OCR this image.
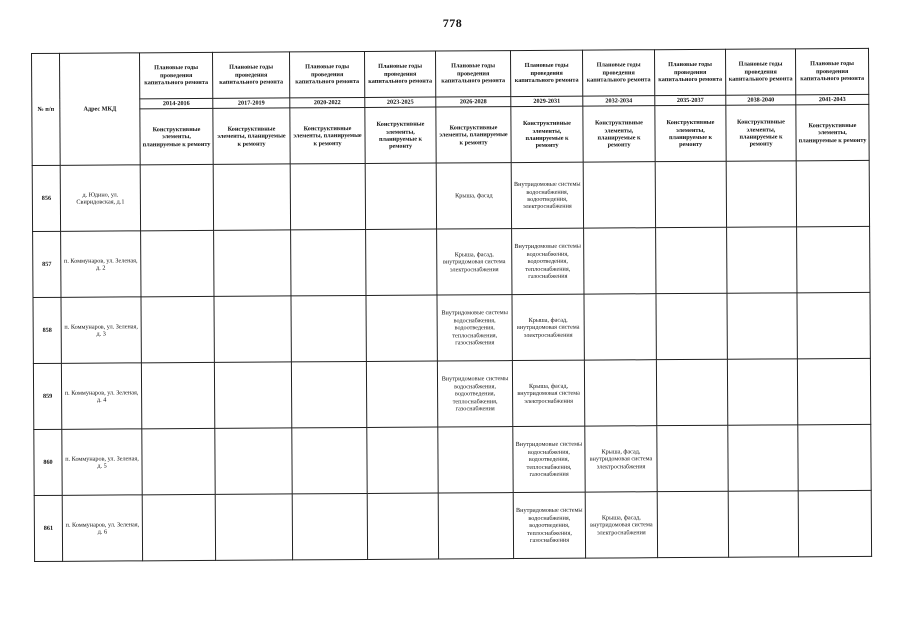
778
№ п/п	Адрес МКД	Плановые годы проведения капитального ремонта	Плановые годы проведения капитального ремонта	Плановые годы проведения капитального ремонта	Плановые годы проведения капитального ремонта	Плановые годы проведения капитального ремонта	Плановые годы проведения капитального ремонта	Плановые годы проведения капитального ремонта	Плановые годы проведения капитального ремонта	Плановые годы проведения капитального ремонта	Плановые годы проведения капитального ремонта
		2014-2016	2017-2019	2020-2022	2023-2025	2026-2028	2029-2031	2032-2034	2035-2037	2038-2040	2041-2043
		Конструктивные элементы, планируемые к ремонту	Конструктивные элементы, планируемые к ремонту	Конструктивные элементы, планируемые к ремонту	Конструктивные элементы, планируемые к ремонту	Конструктивные элементы, планируемые к ремонту	Конструктивные элементы, планируемые к ремонту	Конструктивные элементы, планируемые к ремонту	Конструктивные элементы, планируемые к ремонту	Конструктивные элементы, планируемые к ремонту	Конструктивные элементы, планируемые к ремонту
856	д. Юдино, ул. Свиридовская, д.1					Крыша, фасад	Внутридомовые системы водоснабжения, водоотведения, электроснабжения				
857	п. Коммунаров, ул. Зеленая, д. 2					Крыша, фасад, внутридомовая система электроснабжения	Внутридомовые системы водоснабжения, водоотведения, теплоснабжения, газоснабжения				
858	п. Коммунаров, ул. Зеленая, д. 3					Внутридомовые системы водоснабжения, водоотведения, теплоснабжения, газоснабжения	Крыша, фасад, внутридомовая система электроснабжения				
859	п. Коммунаров, ул. Зеленая, д. 4					Внутридомовые системы водоснабжения, водоотведения, теплоснабжения, газоснабжения	Крыша, фасад, внутридомовая система электроснабжения				
860	п. Коммунаров, ул. Зеленая, д. 5						Внутридомовые системы водоснабжения, водоотведения, теплоснабжения, газоснабжения	Крыша, фасад, внутридомовая система электроснабжения			
861	п. Коммунаров, ул. Зеленая, д. 6						Внутридомовые системы водоснабжения, водоотведения, теплоснабжения, газоснабжения	Крыша, фасад, внутридомовая система электроснабжения			
